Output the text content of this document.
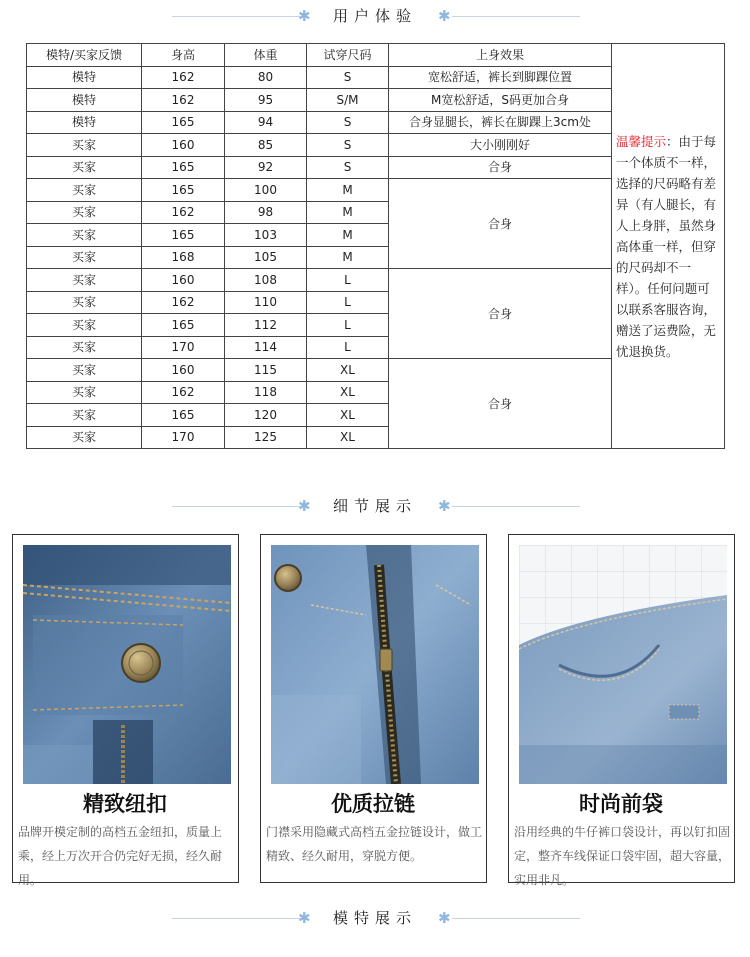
✱	用户体验	✱
模特/买家反馈	身高	体重	试穿尺码	上身效果	温馨提示：由于每一个体质不一样，选择的尺码略有差异（有人腿长，有人上身胖，虽然身高体重一样，但穿的尺码却不一样）。任何问题可以联系客服咨询，赠送了运费险，无忧退换货。
模特	162	80	S	宽松舒适，裤长到脚踝位置	
模特	162	95	S/M	M宽松舒适，S码更加合身	
模特	165	94	S	合身显腿长，裤长在脚踝上3cm处	
买家	160	85	S	大小刚刚好	
买家	165	92	S	合身	
买家	165	100	M	合身	
买家	162	98	M		
买家	165	103	M		
买家	168	105	M		
买家	160	108	L	合身	
买家	162	110	L		
买家	165	112	L		
买家	170	114	L		
买家	160	115	XL	合身	
买家	162	118	XL		
买家	165	120	XL		
买家	170	125	XL		
✱	细节展示	✱
精致纽扣
品牌开模定制的高档五金纽扣，质量上乘，经上万次开合仍完好无损，经久耐用。
优质拉链
门襟采用隐藏式高档五金拉链设计，做工精致、经久耐用，穿脱方便。
时尚前袋
沿用经典的牛仔裤口袋设计，再以钉扣固定，整齐车线保证口袋牢固，超大容量，实用非凡。
✱	模特展示	✱
